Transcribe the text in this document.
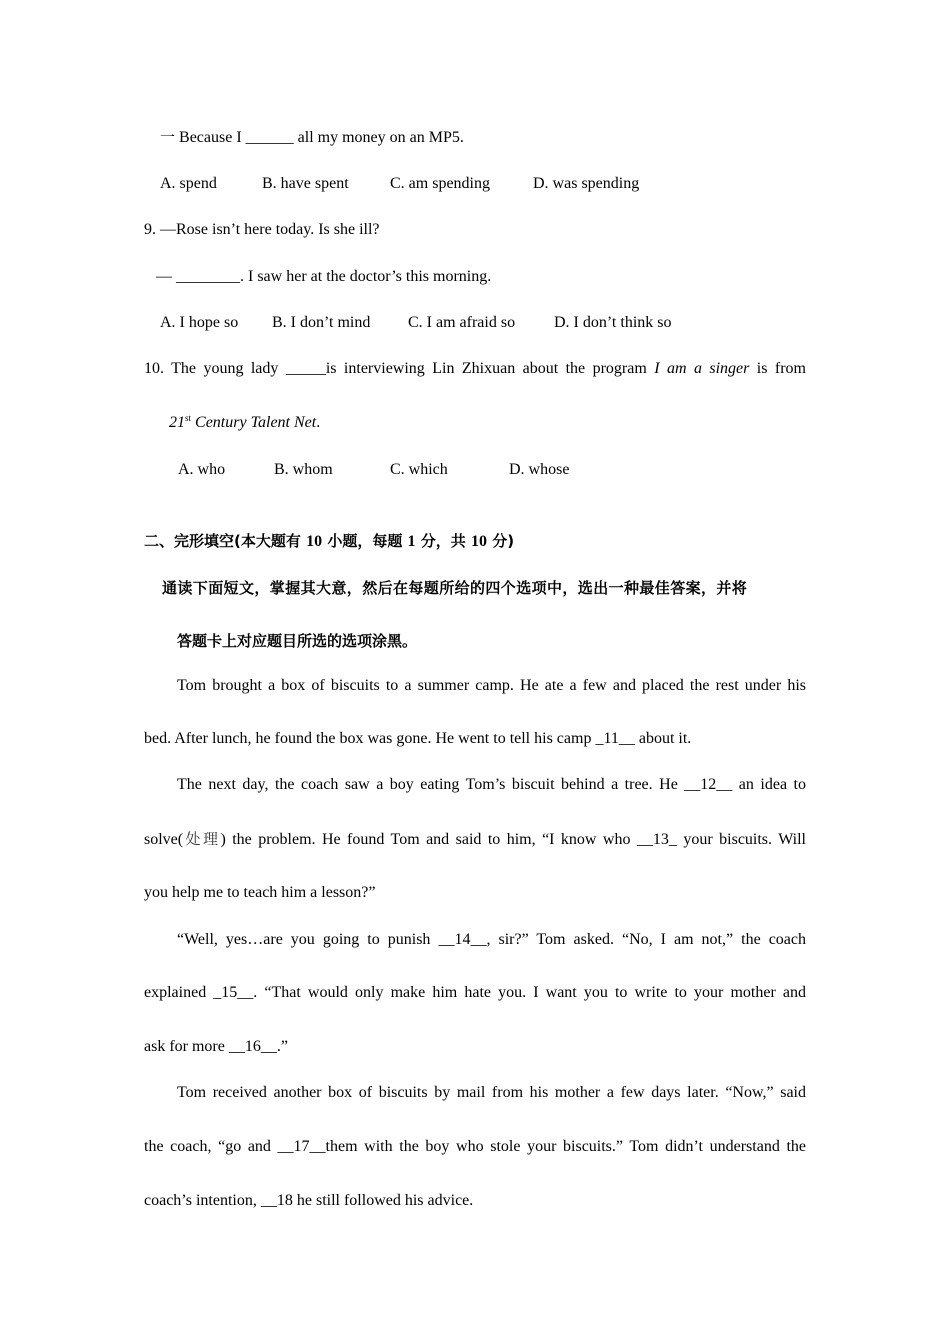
一 Because I ______ all my money on an MP5.
A. spend	B. have spent	C. am spending	D. was spending
9. —Rose isn’t here today. Is she ill?
— ________. I saw her at the doctor’s this morning.
A. I hope so B. I don’t mind C. I am afraid so D. I don’t think so
10. The young lady _____is interviewing Lin Zhixuan about the program I am a singer is from
21st Century Talent Net.
A. who	B. whom	C. which	D. whose
二、完形填空(本大题有 10 小题，每题 1 分，共 10 分)
通读下面短文，掌握其大意，然后在每题所给的四个选项中，选出一种最佳答案，并将
答题卡上对应题目所选的选项涂黑。
Tom brought a box of biscuits to a summer camp. He ate a few and placed the rest under his
bed. After lunch, he found the box was gone. He went to tell his camp _11__ about it.
The next day, the coach saw a boy eating Tom’s biscuit behind a tree. He __12__ an idea to
solve(处理) the problem. He found Tom and said to him, “I know who __13_ your biscuits. Will
you help me to teach him a lesson?”
“Well, yes…are you going to punish __14__, sir?” Tom asked. “No, I am not,” the coach
explained _15__. “That would only make him hate you. I want you to write to your mother and
ask for more __16__.”
Tom received another box of biscuits by mail from his mother a few days later. “Now,” said
the coach, “go and __17__them with the boy who stole your biscuits.” Tom didn’t understand the
coach’s intention, __18 he still followed his advice.
